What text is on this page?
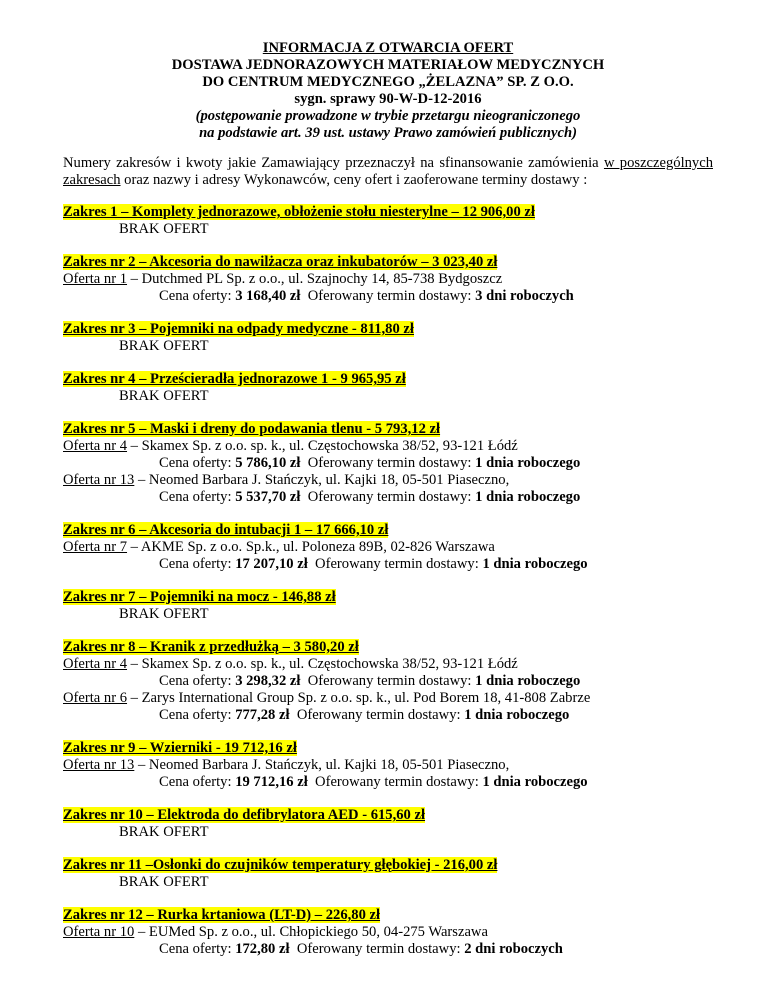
INFORMACJA Z OTWARCIA OFERT
DOSTAWA JEDNORAZOWYCH MATERIAŁOW MEDYCZNYCH
DO CENTRUM MEDYCZNEGO „ŻELAZNA” SP. Z O.O.
sygn. sprawy 90-W-D-12-2016
(postępowanie prowadzone w trybie przetargu nieograniczonego
na podstawie art. 39 ust. ustawy Prawo zamówień publicznych)
Numery zakresów i kwoty jakie Zamawiający przeznaczył na sfinansowanie zamówienia w poszczególnych zakresach oraz nazwy i adresy Wykonawców, ceny ofert i zaoferowane terminy dostawy :
Zakres 1 – Komplety jednorazowe, obłożenie stołu niesterylne – 12 906,00 zł
BRAK OFERT
Zakres nr 2 – Akcesoria do nawilżacza oraz inkubatorów – 3 023,40 zł
Oferta nr 1 – Dutchmed PL Sp. z o.o., ul. Szajnochy 14, 85-738 Bydgoszcz
Cena oferty: 3 168,40 zł Oferowany termin dostawy: 3 dni roboczych
Zakres nr 3 – Pojemniki na odpady medyczne - 811,80 zł
BRAK OFERT
Zakres nr 4 – Prześcieradła jednorazowe 1 - 9 965,95 zł
BRAK OFERT
Zakres nr 5 – Maski i dreny do podawania tlenu - 5 793,12 zł
Oferta nr 4 – Skamex Sp. z o.o. sp. k., ul. Częstochowska 38/52, 93-121 Łódź
Cena oferty: 5 786,10 zł Oferowany termin dostawy: 1 dnia roboczego
Oferta nr 13 – Neomed Barbara J. Stańczyk, ul. Kajki 18, 05-501 Piaseczno,
Cena oferty: 5 537,70 zł Oferowany termin dostawy: 1 dnia roboczego
Zakres nr 6 – Akcesoria do intubacji 1 – 17 666,10 zł
Oferta nr 7 – AKME Sp. z o.o. Sp.k., ul. Poloneza 89B, 02-826 Warszawa
Cena oferty: 17 207,10 zł Oferowany termin dostawy: 1 dnia roboczego
Zakres nr 7 – Pojemniki na mocz - 146,88 zł
BRAK OFERT
Zakres nr 8 – Kranik z przedłużką – 3 580,20 zł
Oferta nr 4 – Skamex Sp. z o.o. sp. k., ul. Częstochowska 38/52, 93-121 Łódź
Cena oferty: 3 298,32 zł Oferowany termin dostawy: 1 dnia roboczego
Oferta nr 6 – Zarys International Group Sp. z o.o. sp. k., ul. Pod Borem 18, 41-808 Zabrze
Cena oferty: 777,28 zł Oferowany termin dostawy: 1 dnia roboczego
Zakres nr 9 – Wzierniki - 19 712,16 zł
Oferta nr 13 – Neomed Barbara J. Stańczyk, ul. Kajki 18, 05-501 Piaseczno,
Cena oferty: 19 712,16 zł Oferowany termin dostawy: 1 dnia roboczego
Zakres nr 10 – Elektroda do defibrylatora AED - 615,60 zł
BRAK OFERT
Zakres nr 11 –Osłonki do czujników temperatury głębokiej - 216,00 zł
BRAK OFERT
Zakres nr 12 – Rurka krtaniowa (LT-D) – 226,80 zł
Oferta nr 10 – EUMed Sp. z o.o., ul. Chłopickiego 50, 04-275 Warszawa
Cena oferty: 172,80 zł Oferowany termin dostawy: 2 dni roboczych
